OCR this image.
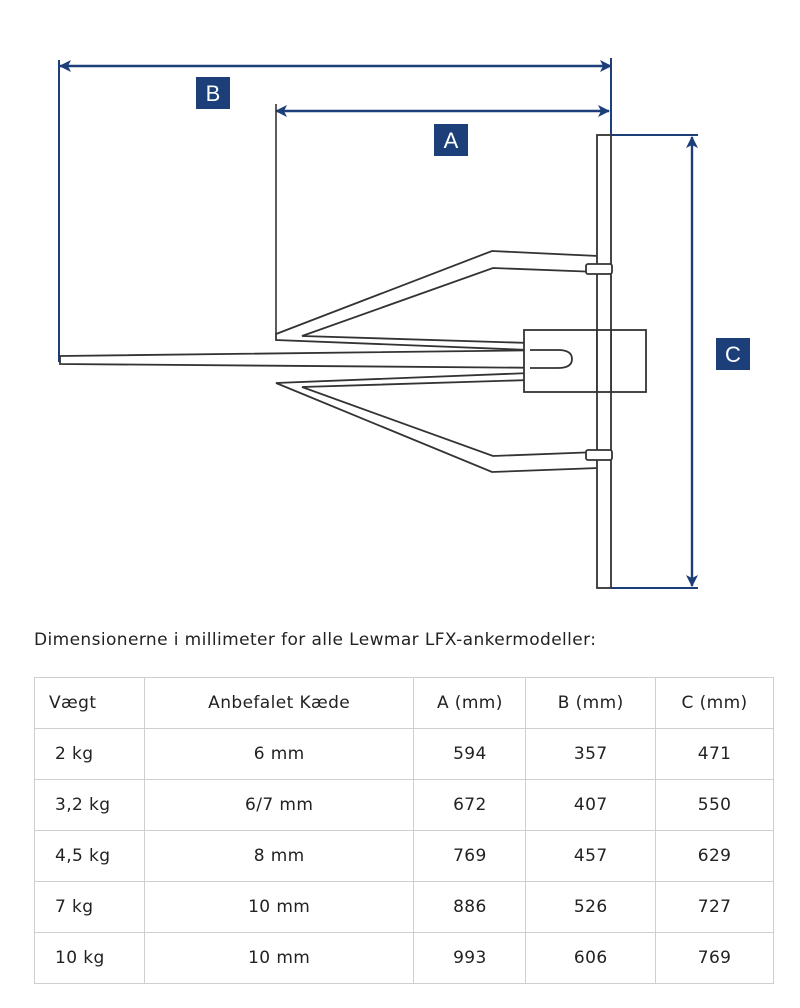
B
A
C
Dimensionerne i millimeter for alle Lewmar LFX-ankermodeller:
Vægt	Anbefalet Kæde	A (mm)	B (mm)	C (mm)
2 kg	6 mm	594	357	471
3,2 kg	6/7 mm	672	407	550
4,5 kg	8 mm	769	457	629
7 kg	10 mm	886	526	727
10 kg	10 mm	993	606	769
